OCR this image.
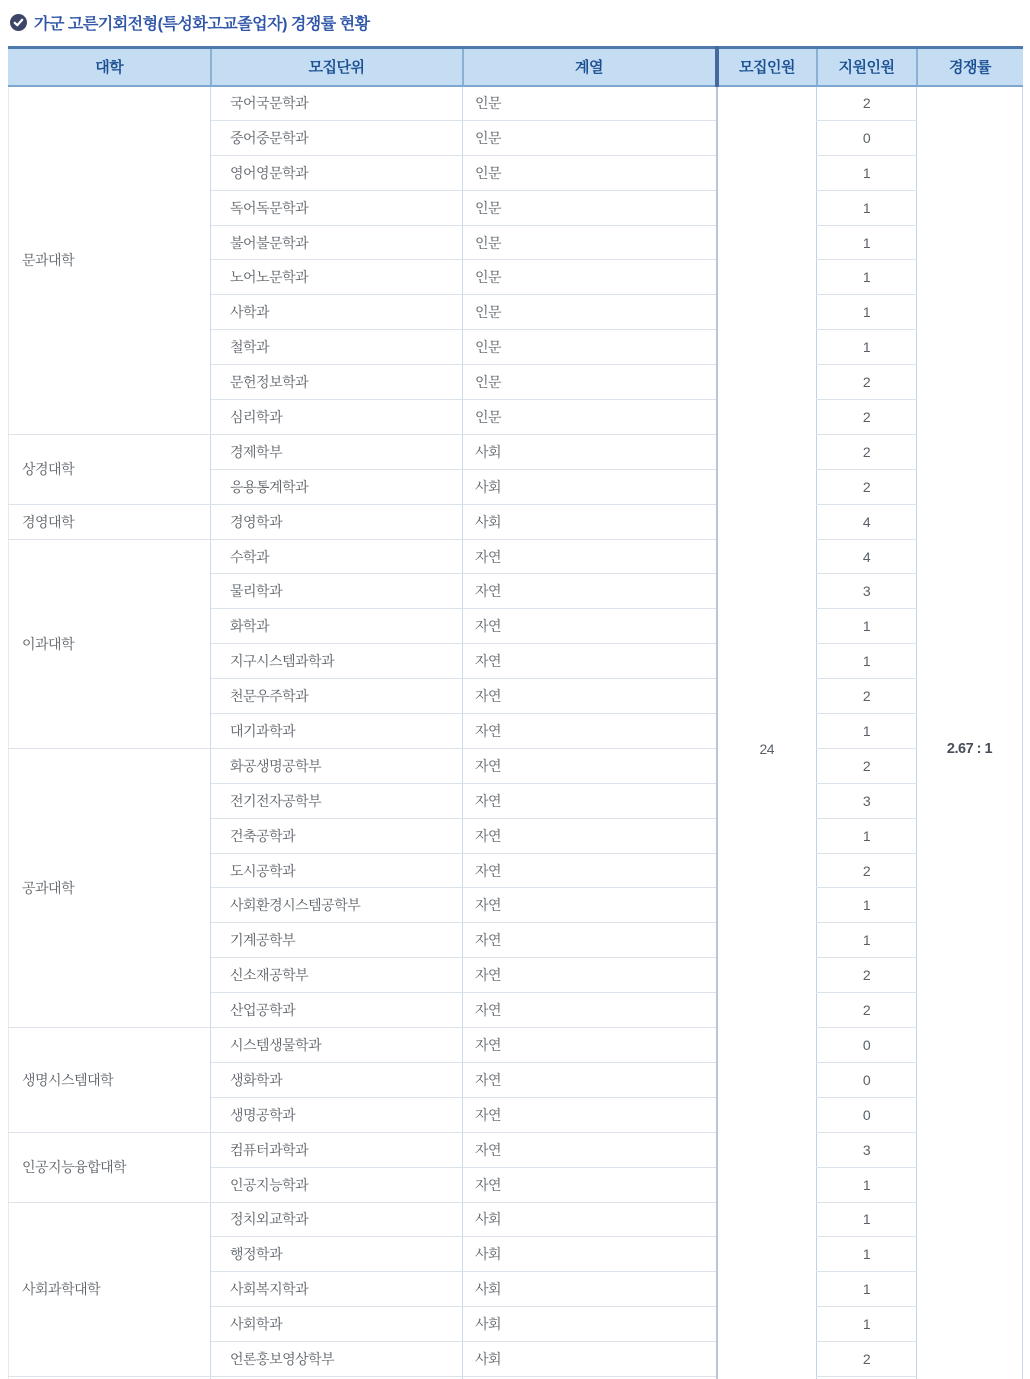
가군 고른기회전형(특성화고교졸업자) 경쟁률 현황
대학	모집단위	계열	모집인원	지원인원	경쟁률
문과대학	국어국문학과	인문	24	2	2.67 : 1
	중어중문학과	인문		0	
	영어영문학과	인문		1	
	독어독문학과	인문		1	
	불어불문학과	인문		1	
	노어노문학과	인문		1	
	사학과	인문		1	
	철학과	인문		1	
	문헌정보학과	인문		2	
	심리학과	인문		2	
상경대학	경제학부	사회		2	
	응용통계학과	사회		2	
경영대학	경영학과	사회		4	
이과대학	수학과	자연		4	
	물리학과	자연		3	
	화학과	자연		1	
	지구시스템과학과	자연		1	
	천문우주학과	자연		2	
	대기과학과	자연		1	
공과대학	화공생명공학부	자연		2	
	전기전자공학부	자연		3	
	건축공학과	자연		1	
	도시공학과	자연		2	
	사회환경시스템공학부	자연		1	
	기계공학부	자연		1	
	신소재공학부	자연		2	
	산업공학과	자연		2	
생명시스템대학	시스템생물학과	자연		0	
	생화학과	자연		0	
	생명공학과	자연		0	
인공지능융합대학	컴퓨터과학과	자연		3	
	인공지능학과	자연		1	
사회과학대학	정치외교학과	사회		1	
	행정학과	사회		1	
	사회복지학과	사회		1	
	사회학과	사회		1	
	언론홍보영상학부	사회		2	
